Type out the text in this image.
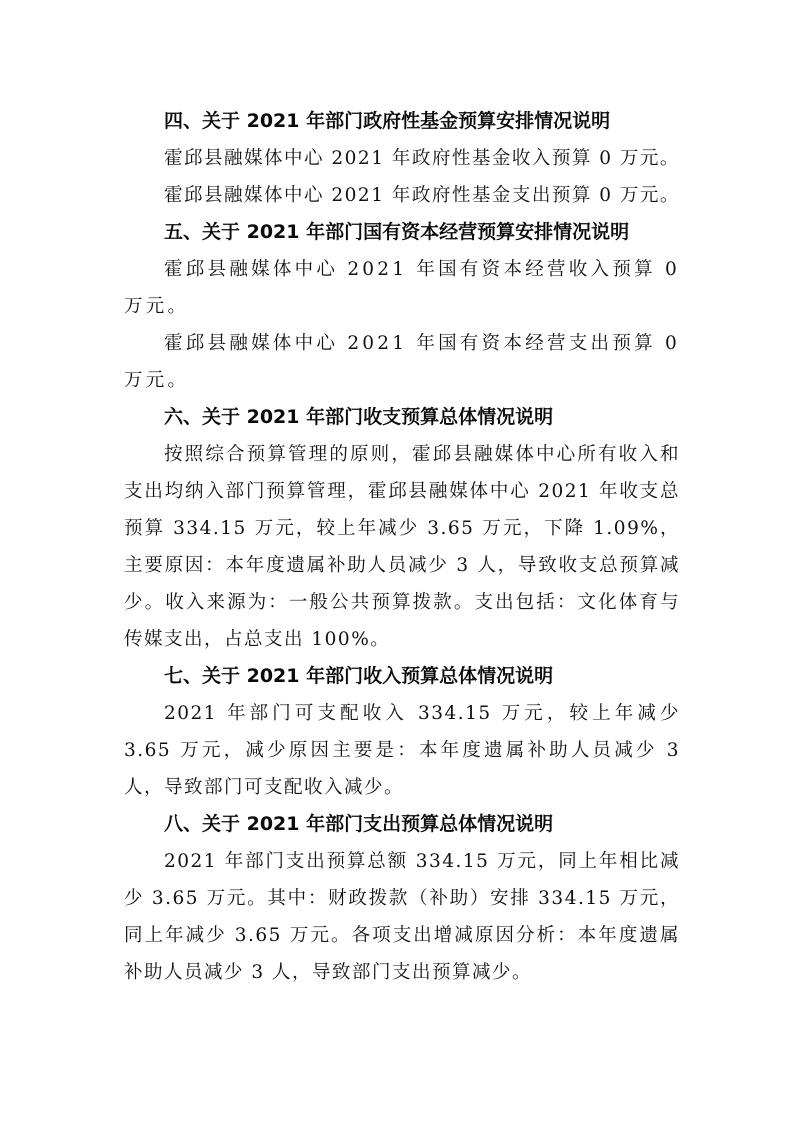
四、关于 2021 年部门政府性基金预算安排情况说明

霍邱县融媒体中心 2021 年政府性基金收入预算 0 万元。

霍邱县融媒体中心 2021 年政府性基金支出预算 0 万元。

五、关于 2021 年部门国有资本经营预算安排情况说明

霍邱县融媒体中心 2021 年国有资本经营收入预算 0 万元。

霍邱县融媒体中心 2021 年国有资本经营支出预算 0 万元。

六、关于 2021 年部门收支预算总体情况说明

按照综合预算管理的原则，霍邱县融媒体中心所有收入和支出均纳入部门预算管理，霍邱县融媒体中心 2021 年收支总预算 334.15 万元，较上年减少 3.65 万元，下降 1.09%，主要原因：本年度遗属补助人员减少 3 人，导致收支总预算减少。收入来源为：一般公共预算拨款。支出包括：文化体育与传媒支出，占总支出 100%。

七、关于 2021 年部门收入预算总体情况说明

2021 年部门可支配收入 334.15 万元，较上年减少 3.65 万元，减少原因主要是：本年度遗属补助人员减少 3 人，导致部门可支配收入减少。

八、关于 2021 年部门支出预算总体情况说明

2021 年部门支出预算总额 334.15 万元，同上年相比减少 3.65 万元。其中：财政拨款（补助）安排 334.15 万元，同上年减少 3.65 万元。各项支出增减原因分析：本年度遗属补助人员减少 3 人，导致部门支出预算减少。
